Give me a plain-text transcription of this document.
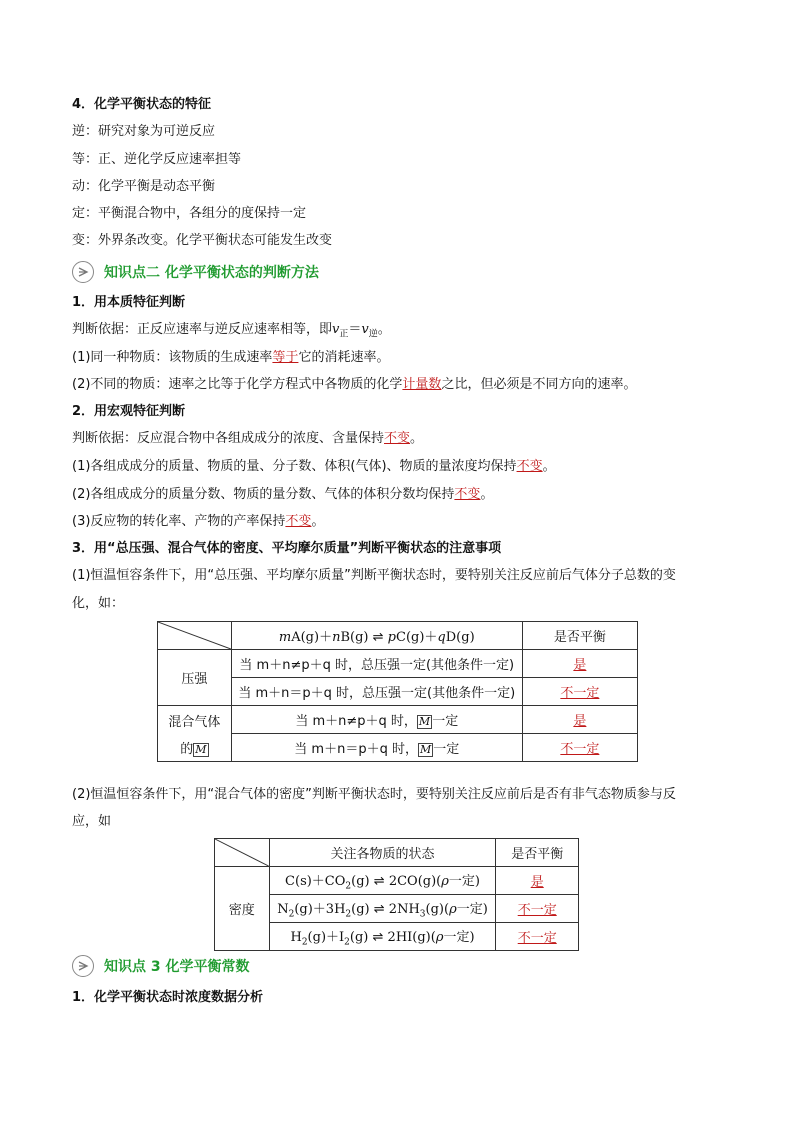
4．化学平衡状态的特征
逆：研究对象为可逆反应
等：正、逆化学反应速率担等
动：化学平衡是动态平衡
定：平衡混合物中，各组分的度保持一定
变：外界条改变。化学平衡状态可能发生改变
知识点二 化学平衡状态的判断方法
1．用本质特征判断
判断依据：正反应速率与逆反应速率相等，即$v_正=v_逆$。
(1)同一种物质：该物质的生成速率等于它的消耗速率。
(2)不同的物质：速率之比等于化学方程式中各物质的化学计量数之比，但必须是不同方向的速率。
2．用宏观特征判断
判断依据：反应混合物中各组成成分的浓度、含量保持不变。
(1)各组成成分的质量、物质的量、分子数、体积(气体)、物质的量浓度均保持不变。
(2)各组成成分的质量分数、物质的量分数、气体的体积分数均保持不变。
(3)反应物的转化率、产物的产率保持不变。
3．用“总压强、混合气体的密度、平均摩尔质量”判断平衡状态的注意事项
(1)恒温恒容条件下，用“总压强、平均摩尔质量”判断平衡状态时，要特别关注反应前后气体分子总数的变
化，如：
	mA(g)＋nB(g) ⇌ pC(g)＋qD(g)	是否平衡
压强	当 m＋n≠p＋q 时，总压强一定(其他条件一定)	是
	当 m＋n＝p＋q 时，总压强一定(其他条件一定)	不一定

混合气体
的 M	当 m＋n≠p＋q 时， M 一定	是
	当 m＋n＝p＋q 时， M 一定	不一定
(2)恒温恒容条件下，用“混合气体的密度”判断平衡状态时，要特别关注反应前后是否有非气态物质参与反
应，如
	关注各物质的状态	是否平衡
密度	$C(s)+CO_2(g)$ ⇌ 2CO(g)(ρ一定)	是
	$N_2(g)+3H_2(g)$ ⇌ $2NH_3(g)(\rho$一定)	不一定
	$H_2(g)+I_2(g)$ ⇌ 2HI(g)(ρ一定)	不一定
知识点 3 化学平衡常数
1．化学平衡状态时浓度数据分析
